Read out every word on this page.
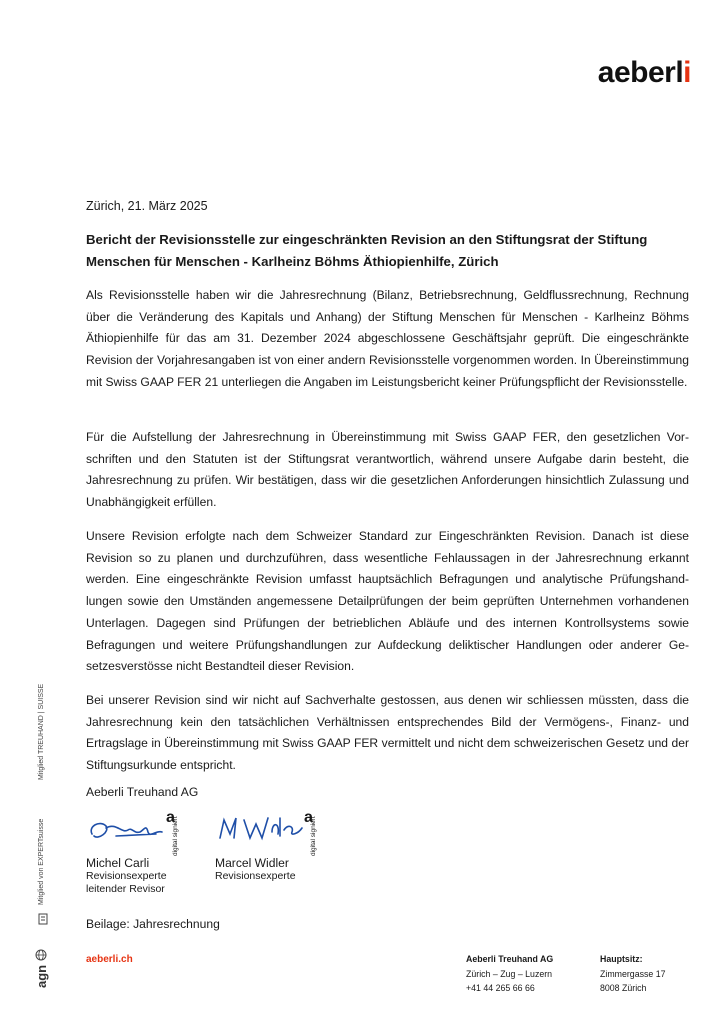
aeberli
Zürich, 21. März 2025
Bericht der Revisionsstelle zur eingeschränkten Revision an den Stiftungsrat der Stiftung Menschen für Menschen - Karlheinz Böhms Äthiopienhilfe, Zürich

Als Revisionsstelle haben wir die Jahresrechnung (Bilanz, Betriebsrechnung, Geldflussrechnung, Rechnung über die Veränderung des Kapitals und Anhang) der Stiftung Menschen für Menschen - Karlheinz Böhms Äthiopienhilfe für das am 31. Dezember 2024 abgeschlossene Geschäftsjahr geprüft. Die eingeschränkte Revision der Vorjahresangaben ist von einer andern Revisionsstelle vorgenommen worden. In Übereinstimmung mit Swiss GAAP FER 21 unterliegen die Angaben im Leistungsbericht keiner Prüfungspflicht der Revisionsstelle.

Für die Aufstellung der Jahresrechnung in Übereinstimmung mit Swiss GAAP FER, den gesetzlichen Vorschriften und den Statuten ist der Stiftungsrat verantwortlich, während unsere Aufgabe darin besteht, die Jahresrechnung zu prüfen. Wir bestätigen, dass wir die gesetzlichen Anforderungen hinsichtlich Zulassung und Unabhängigkeit erfüllen.

Unsere Revision erfolgte nach dem Schweizer Standard zur Eingeschränkten Revision. Danach ist diese Revision so zu planen und durchzuführen, dass wesentliche Fehlaussagen in der Jahresrechnung erkannt werden. Eine eingeschränkte Revision umfasst hauptsächlich Befragungen und analytische Prüfungshandlungen sowie den Umständen angemessene Detailprüfungen der beim geprüften Unternehmen vorhandenen Unterlagen. Dagegen sind Prüfungen der betrieblichen Abläufe und des internen Kontrollsystems sowie Befragungen und weitere Prüfungshandlungen zur Aufdeckung deliktischer Handlungen oder anderer Gesetzesverstösse nicht Bestandteil dieser Revision.

Bei unserer Revision sind wir nicht auf Sachverhalte gestossen, aus denen wir schliessen müssten, dass die Jahresrechnung kein den tatsächlichen Verhältnissen entsprechendes Bild der Vermögens-, Finanz- und Ertragslage in Übereinstimmung mit Swiss GAAP FER vermittelt und nicht dem schweizerischen Gesetz und der Stiftungsurkunde entspricht.

Aeberli Treuhand AG
a
digital signiert	a
digital signiert
Michel Carli
Revisionsexperte
leitender Revisor
Marcel Widler
Revisionsexperte
Beilage: Jahresrechnung
Mitglied TREUHAND | SUISSE
Mitglied von EXPERTsuisse
agn
aeberli.ch	Aeberli Treuhand AG
Zürich – Zug – Luzern
+41 44 265 66 66
Hauptsitz:
Zimmergasse 17
8008 Zürich
